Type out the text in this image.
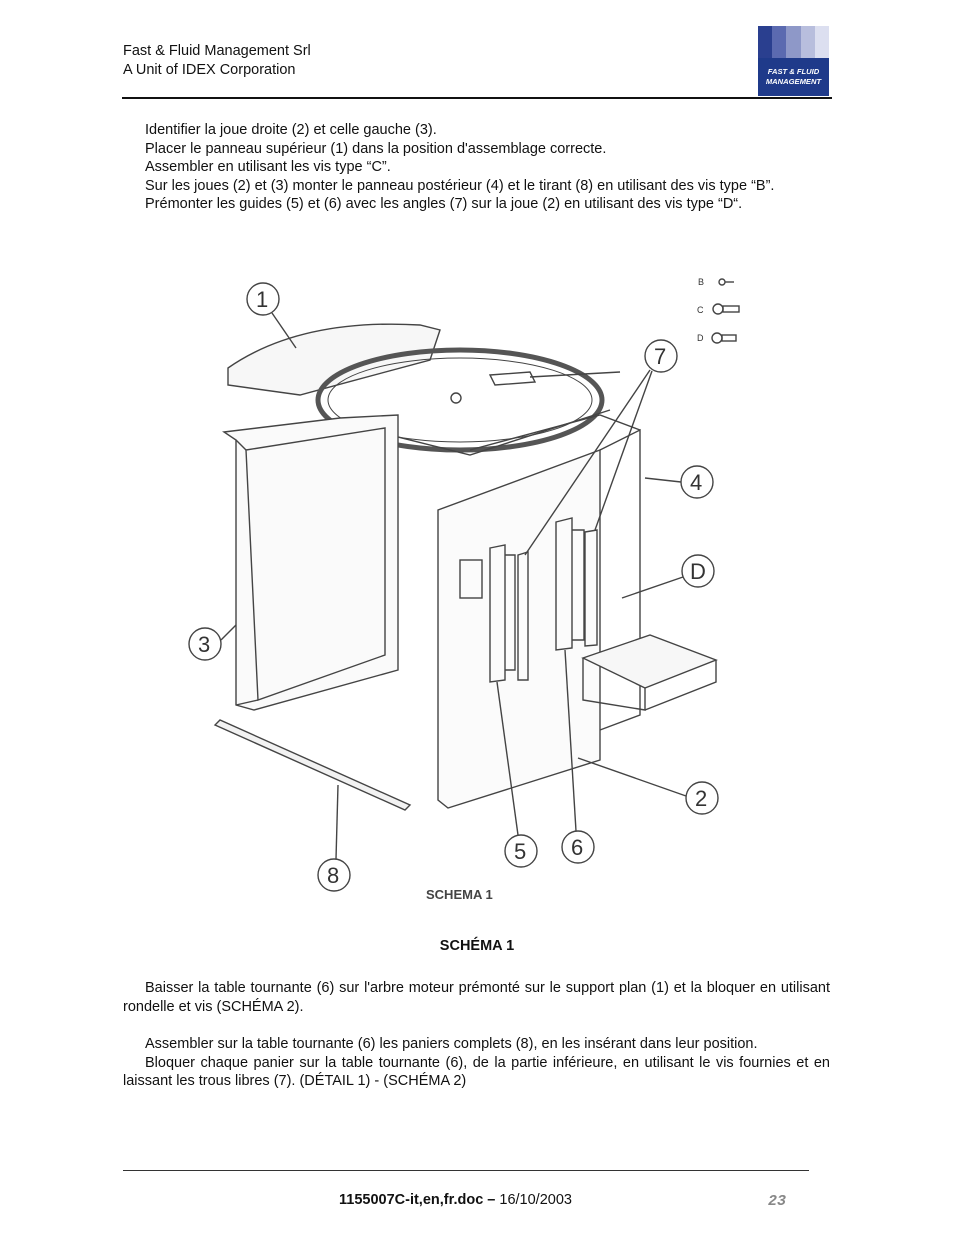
Fast & Fluid Management Srl
A Unit of IDEX Corporation	FAST & FLUID
MANAGEMENT

Identifier la joue droite (2) et celle gauche (3).

Placer le panneau supérieur (1) dans la position d'assemblage correcte.

Assembler en utilisant les vis type “C”.

Sur les joues (2) et (3) monter le panneau postérieur (4) et le tirant (8) en utilisant des vis type “B”.

Prémonter les guides (5) et (6) avec les angles (7) sur la joue (2) en utilisant des vis type “D“.

B
C
D
1
7
4
D
3
2
5 6
8
SCHEMA 1
SCHÉMA 1

Baisser la table tournante (6) sur l'arbre moteur prémonté sur le support plan (1) et la bloquer en utilisant rondelle et vis (SCHÉMA 2).

Assembler sur la table tournante (6) les paniers complets (8), en les insérant dans leur position.

Bloquer chaque panier sur la table tournante (6), de la partie inférieure, en utilisant le vis fournies et en laissant les trous libres (7). (DÉTAIL 1) - (SCHÉMA 2)

1155007C-it,en,fr.doc – 16/10/2003	23
